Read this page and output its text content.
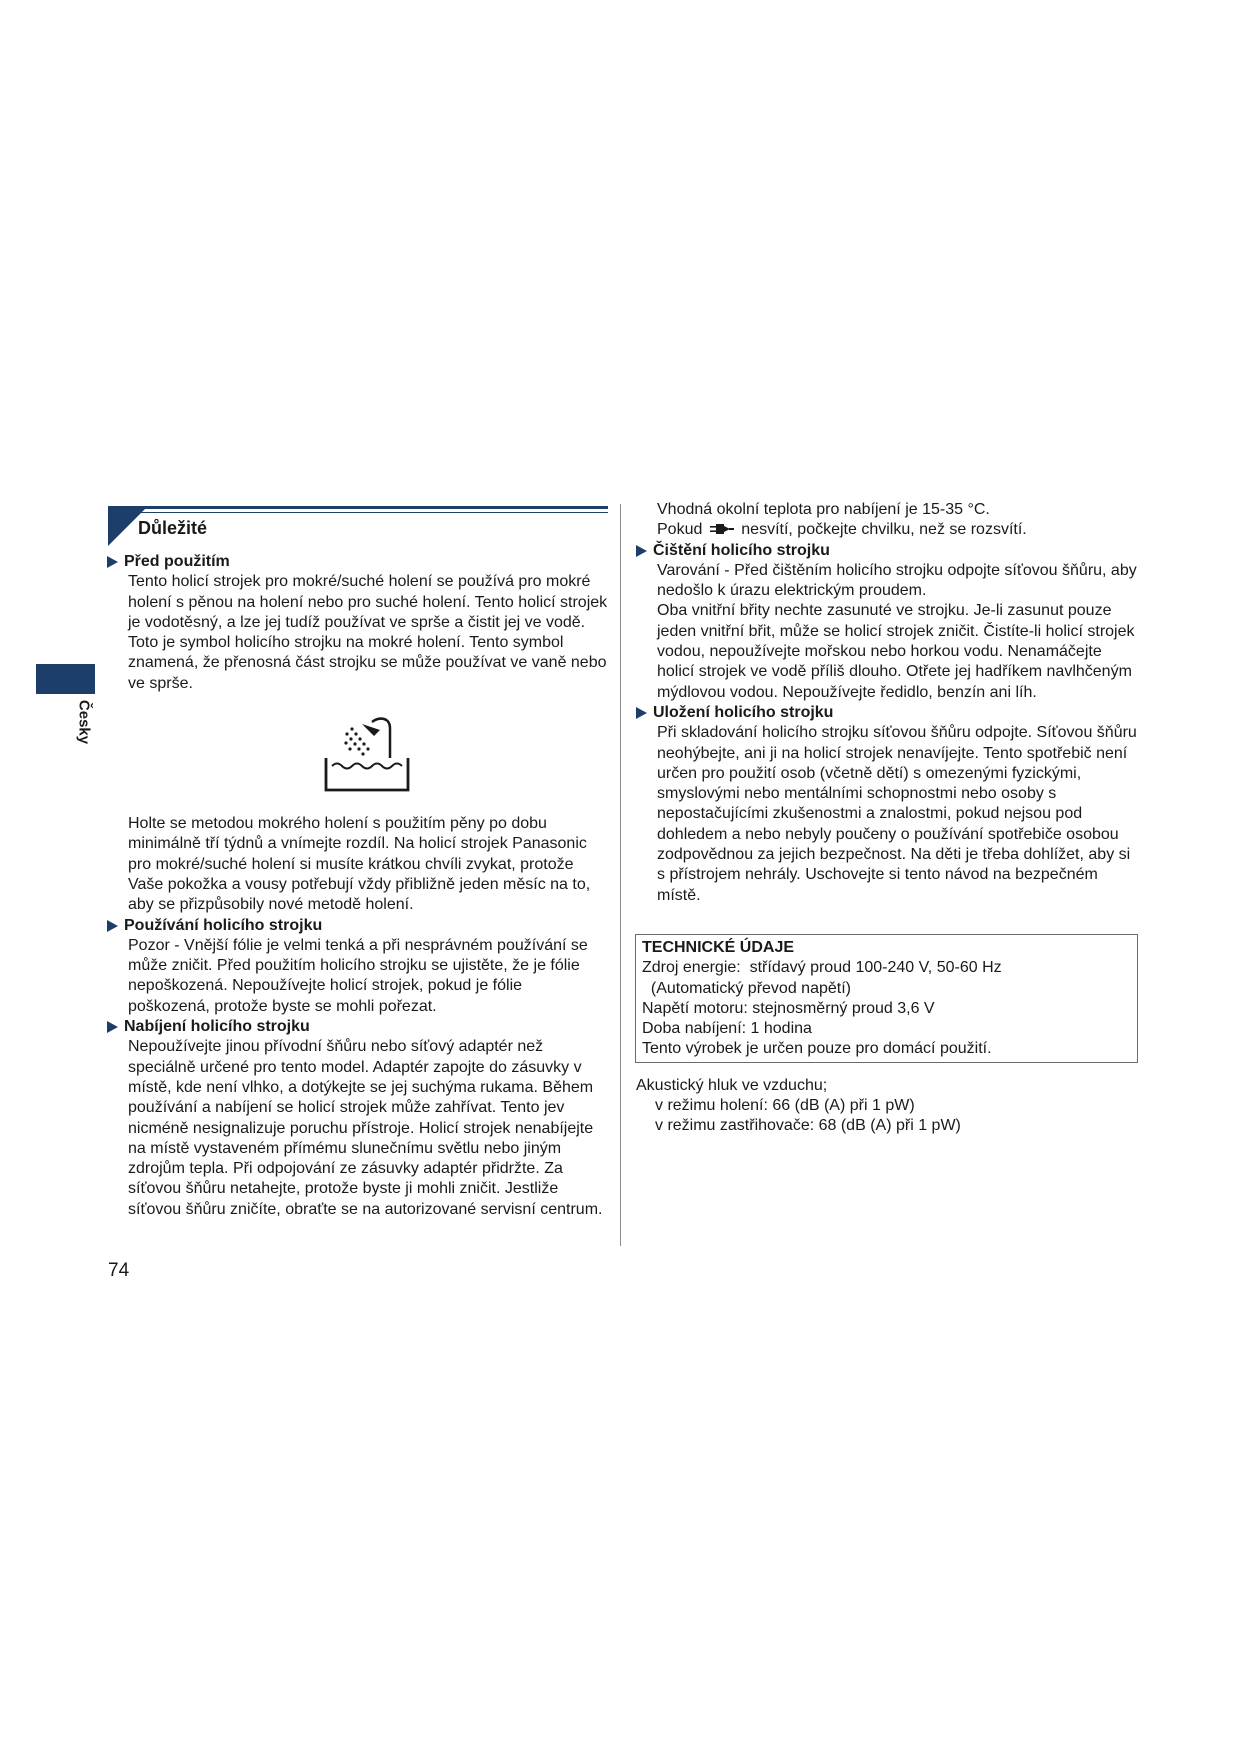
Česky
Důležité
Před použitím

Tento holicí strojek pro mokré/suché holení se používá pro mokré holení s pěnou na holení nebo pro suché holení. Tento holicí strojek je vodotěsný, a lze jej tudíž používat ve sprše a čistit jej ve vodě. Toto je symbol holicího strojku na mokré holení. Tento symbol znamená, že přenosná část strojku se může používat ve vaně nebo ve sprše.

Holte se metodou mokrého holení s použitím pěny po dobu minimálně tří týdnů a vnímejte rozdíl. Na holicí strojek Panasonic pro mokré/suché holení si musíte krátkou chvíli zvykat, protože Vaše pokožka a vousy potřebují vždy přibližně jeden měsíc na to, aby se přizpůsobily nové metodě holení.

Používání holicího strojku

Pozor - Vnější fólie je velmi tenká a při nesprávném používání se může zničit. Před použitím holicího strojku se ujistěte, že je fólie nepoškozená. Nepoužívejte holicí strojek, pokud je fólie poškozená, protože byste se mohli pořezat.

Nabíjení holicího strojku

Nepoužívejte jinou přívodní šňůru nebo síťový adaptér než speciálně určené pro tento model. Adaptér zapojte do zásuvky v místě, kde není vlhko, a dotýkejte se jej suchýma rukama. Během používání a nabíjení se holicí strojek může zahřívat. Tento jev nicméně nesignalizuje poruchu přístroje. Holicí strojek nenabíjejte na místě vystaveném přímému slunečnímu světlu nebo jiným zdrojům tepla. Při odpojování ze zásuvky adaptér přidržte. Za síťovou šňůru netahejte, protože byste ji mohli zničit. Jestliže síťovou šňůru zničíte, obraťte se na autorizované servisní centrum.

Vhodná okolní teplota pro nabíjení je 15-35 °C.

Pokud nesvítí, počkejte chvilku, než se rozsvítí.

Čištění holicího strojku

Varování - Před čištěním holicího strojku odpojte síťovou šňůru, aby nedošlo k úrazu elektrickým proudem.

Oba vnitřní břity nechte zasunuté ve strojku. Je-li zasunut pouze jeden vnitřní břit, může se holicí strojek zničit. Čistíte-li holicí strojek vodou, nepoužívejte mořskou nebo horkou vodu. Nenamáčejte holicí strojek ve vodě příliš dlouho. Otřete jej hadříkem navlhčeným mýdlovou vodou. Nepoužívejte ředidlo, benzín ani líh.

Uložení holicího strojku

Při skladování holicího strojku síťovou šňůru odpojte. Síťovou šňůru neohýbejte, ani ji na holicí strojek nenavíjejte. Tento spotřebič není určen pro použití osob (včetně dětí) s omezenými fyzickými, smyslovými nebo mentálními schopnostmi nebo osoby s nepostačujícími zkušenostmi a znalostmi, pokud nejsou pod dohledem a nebo nebyly poučeny o používání spotřebiče osobou zodpovědnou za jejich bezpečnost. Na děti je třeba dohlížet, aby si s přístrojem nehrály. Uschovejte si tento návod na bezpečném místě.

TECHNICKÉ ÚDAJE

Zdroj energie:  střídavý proud 100-240 V, 50-60 Hz

(Automatický převod napětí)

Napětí motoru: stejnosměrný proud 3,6 V

Doba nabíjení: 1 hodina

Tento výrobek je určen pouze pro domácí použití.

Akustický hluk ve vzduchu;

v režimu holení: 66 (dB (A) při 1 pW)

v režimu zastřihovače: 68 (dB (A) při 1 pW)

74
